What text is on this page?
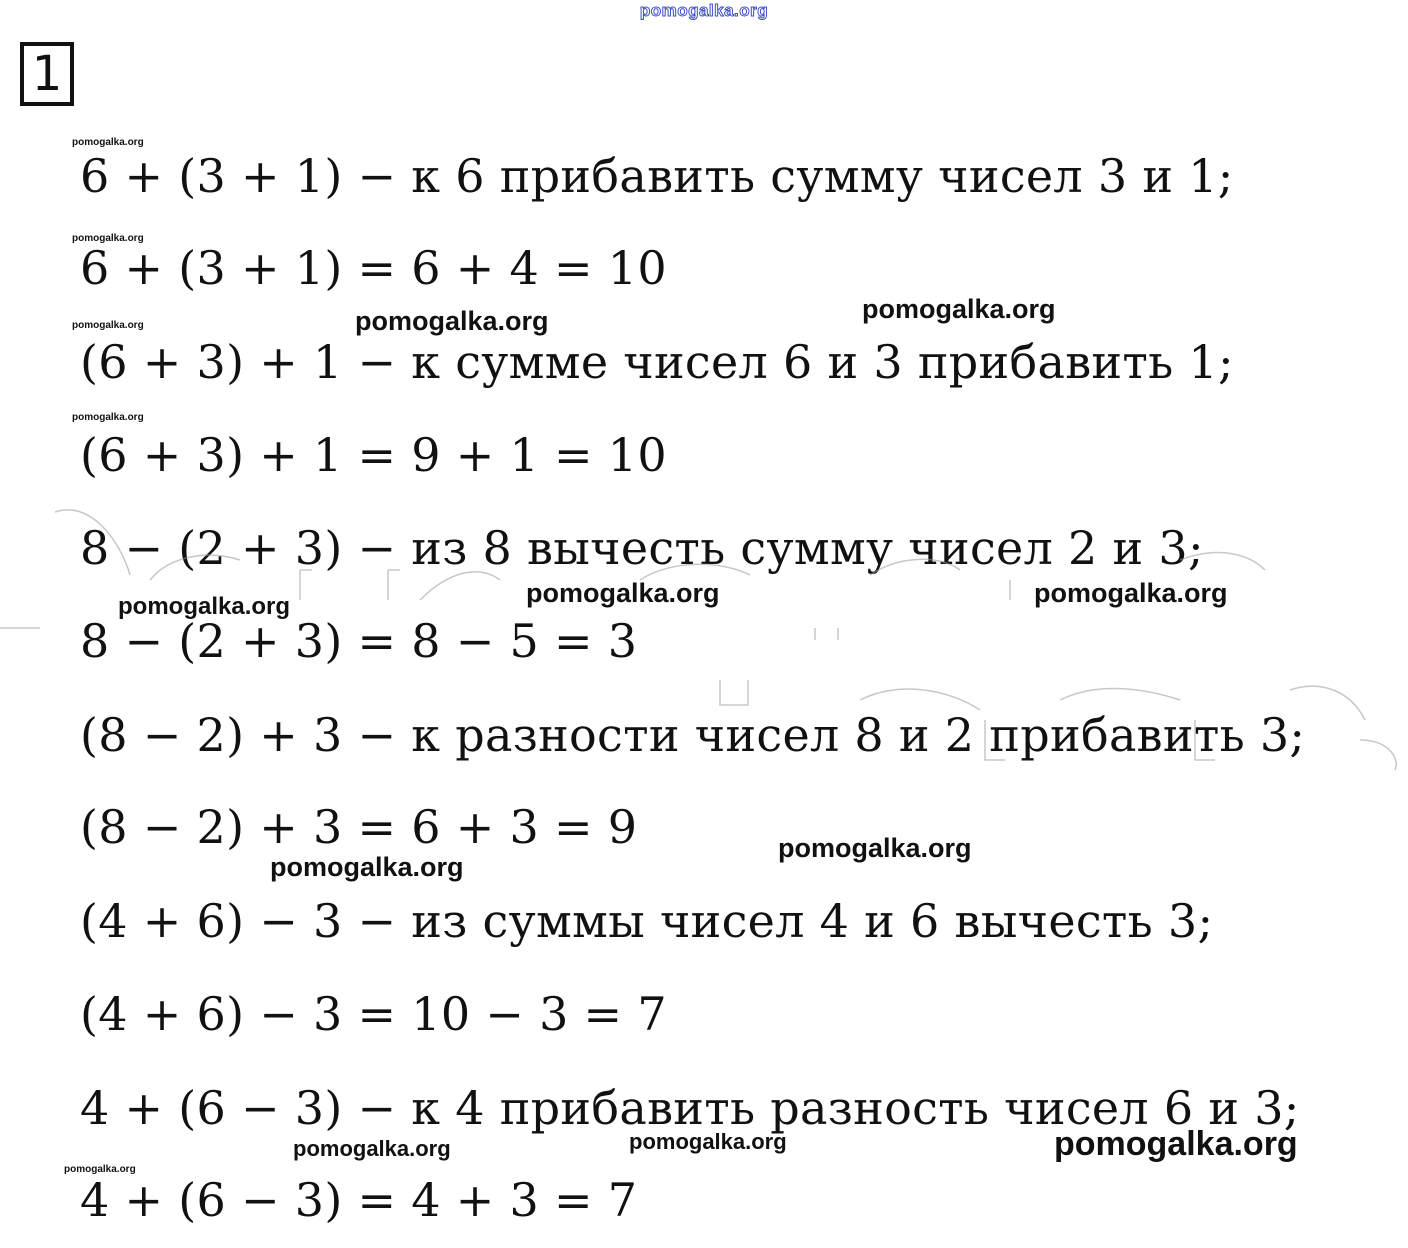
pomogalka.org
1
pomogalka.org
6 + (3 + 1) − к 6 прибавить сумму чисел 3 и 1;
pomogalka.org
6 + (3 + 1) = 6 + 4 = 10
pomogalka.org	pomogalka.org
pomogalka.org
(6 + 3) + 1 − к сумме чисел 6 и 3 прибавить 1;
pomogalka.org
(6 + 3) + 1 = 9 + 1 = 10
8 − (2 + 3) − из 8 вычесть сумму чисел 2 и 3;
pomogalka.org	pomogalka.org	pomogalka.org
8 − (2 + 3) = 8 − 5 = 3
(8 − 2) + 3 − к разности чисел 8 и 2 прибавить 3;
(8 − 2) + 3 = 6 + 3 = 9	pomogalka.org
pomogalka.org
(4 + 6) − 3 − из суммы чисел 4 и 6 вычесть 3;
(4 + 6) − 3 = 10 − 3 = 7
4 + (6 − 3) − к 4 прибавить разность чисел 6 и 3;
pomogalka.org	pomogalka.org	pomogalka.org
pomogalka.org
4 + (6 − 3) = 4 + 3 = 7
